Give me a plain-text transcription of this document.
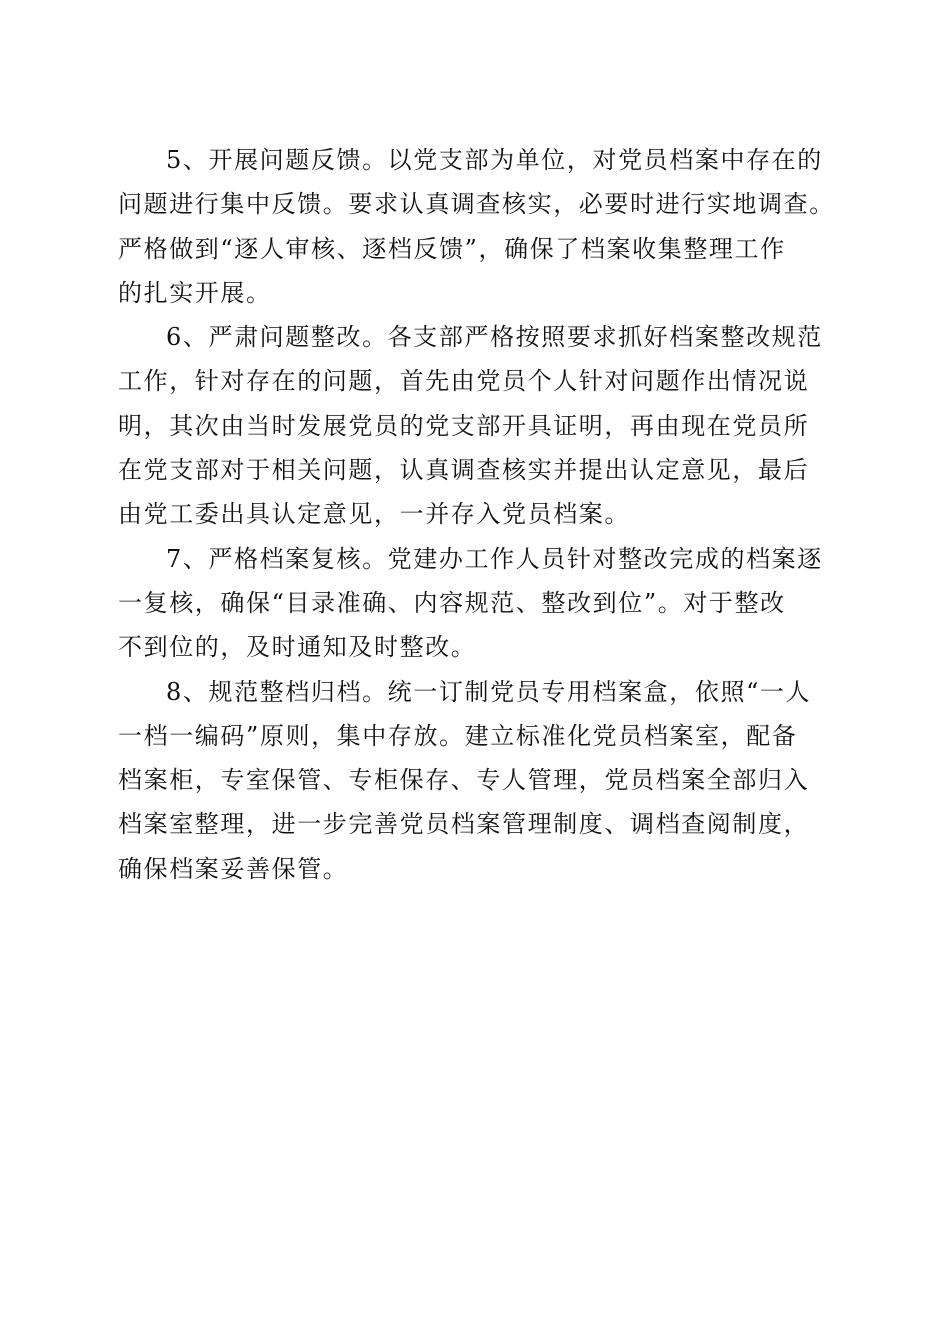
5、开展问题反馈。以党支部为单位，对党员档案中存在的
问题进行集中反馈。要求认真调查核实，必要时进行实地调查。
严格做到“逐人审核、逐档反馈”，确保了档案收集整理工作
的扎实开展。
6、严肃问题整改。各支部严格按照要求抓好档案整改规范
工作，针对存在的问题，首先由党员个人针对问题作出情况说
明，其次由当时发展党员的党支部开具证明，再由现在党员所
在党支部对于相关问题，认真调查核实并提出认定意见，最后
由党工委出具认定意见，一并存入党员档案。
7、严格档案复核。党建办工作人员针对整改完成的档案逐
一复核，确保“目录准确、内容规范、整改到位”。对于整改
不到位的，及时通知及时整改。
8、规范整档归档。统一订制党员专用档案盒，依照“一人
一档一编码”原则，集中存放。建立标准化党员档案室，配备
档案柜，专室保管、专柜保存、专人管理，党员档案全部归入
档案室整理，进一步完善党员档案管理制度、调档查阅制度，
确保档案妥善保管。
